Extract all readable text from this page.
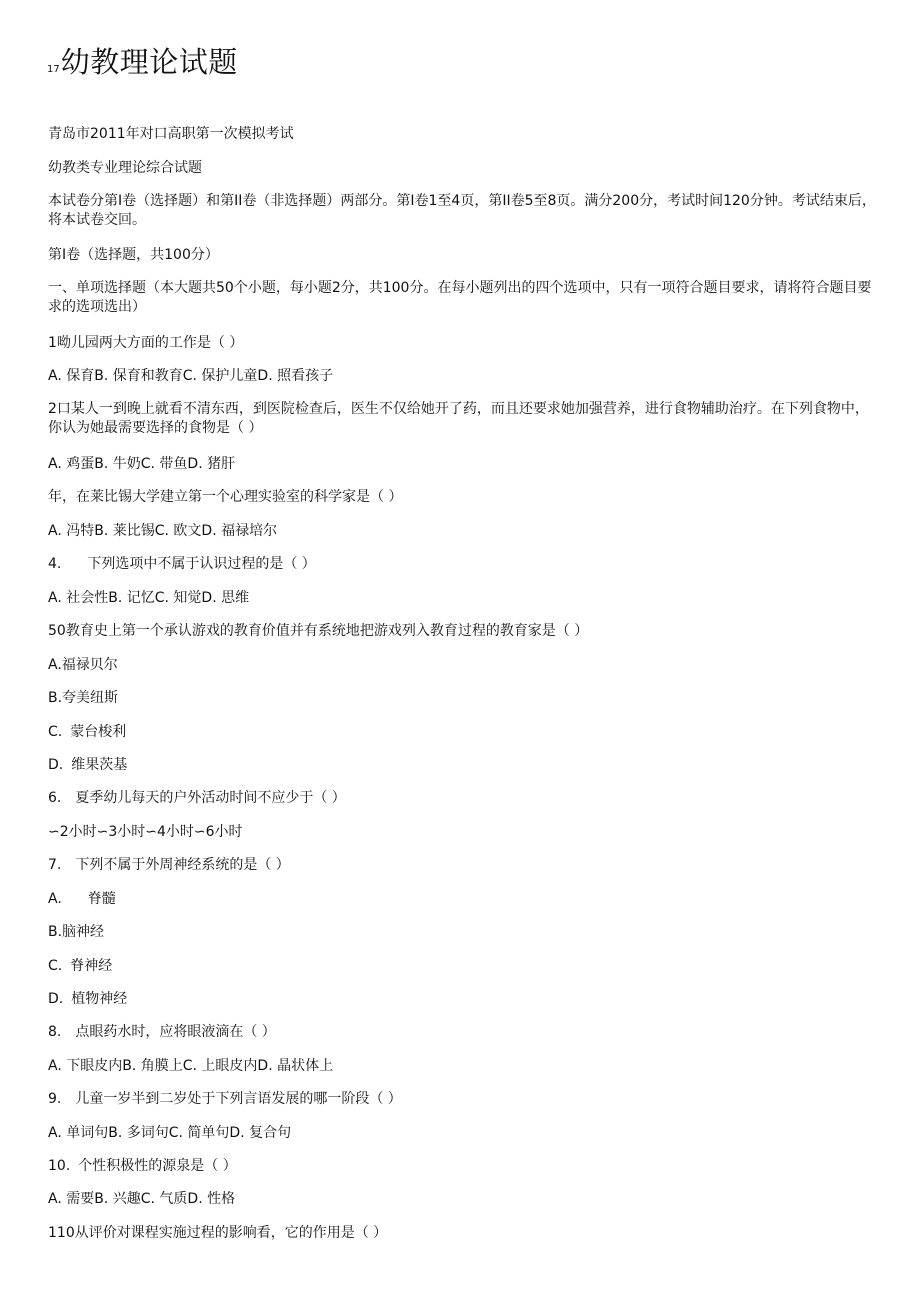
17幼教理论试题
青岛市2011年对口高职第一次模拟考试
幼教类专业理论综合试题
本试卷分第I卷（选择题）和第II卷（非选择题）两部分。第I卷1至4页，第II卷5至8页。满分200分，考试时间120分钟。考试结束后，将本试卷交回。
第I卷（选择题，共100分）
一、单项选择题（本大题共50个小题，每小题2分，共100分。在每小题列出的四个选项中，只有一项符合题目要求，请将符合题目要求的选项选出）
1呦儿园两大方面的工作是（ ）
A. 保育B. 保育和教育C. 保护儿童D. 照看孩子
2口某人一到晚上就看不清东西，到医院检查后，医生不仅给她开了药，而且还要求她加强营养，进行食物辅助治疗。在下列食物中，你认为她最需要选择的食物是（ ）
A. 鸡蛋B. 牛奶C. 带鱼D. 猪肝
年，在莱比锡大学建立第一个心理实验室的科学家是（ ）
A. 冯特B. 莱比锡C. 欧文D. 福禄培尔
4. 下列选项中不属于认识过程的是（ ）
A. 社会性B. 记忆C. 知觉D. 思维
50教育史上第一个承认游戏的教育价值并有系统地把游戏列入教育过程的教育家是（ ）
A.福禄贝尔
B.夸美纽斯
C. 蒙台梭利
D. 维果茨基
6. 夏季幼儿每天的户外活动时间不应少于（ ）
∽2小时∽3小时∽4小时∽6小时
7. 下列不属于外周神经系统的是（ ）
A. 脊髓
B.脑神经
C. 脊神经
D. 植物神经
8. 点眼药水时，应将眼液滴在（ ）
A. 下眼皮内B. 角膜上C. 上眼皮内D. 晶状体上
9. 儿童一岁半到二岁处于下列言语发展的哪一阶段（ ）
A. 单词句B. 多词句C. 简单句D. 复合句
10. 个性积极性的源泉是（ ）
A. 需要B. 兴趣C. 气质D. 性格
110从评价对课程实施过程的影响看，它的作用是（ ）
